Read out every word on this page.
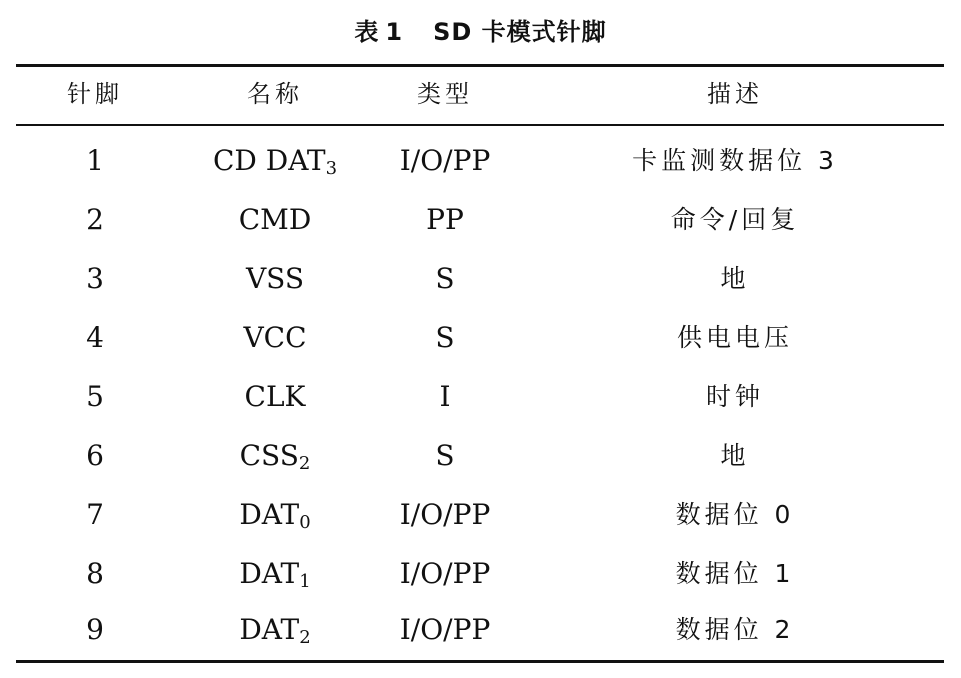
表 1 SD 卡模式针脚
针脚	名称	类型	描述
1	CD $DAT_3$	I/O/PP	卡监测数据位 3
2	CMD	PP	命令/回复
3	VSS	S	地
4	VCC	S	供电电压
5	CLK	I	时钟
6	$CSS_2$	S	地
7	$DAT_0$	I/O/PP	数据位 0
8	$DAT_1$	I/O/PP	数据位 1
9	$DAT_2$	I/O/PP	数据位 2
